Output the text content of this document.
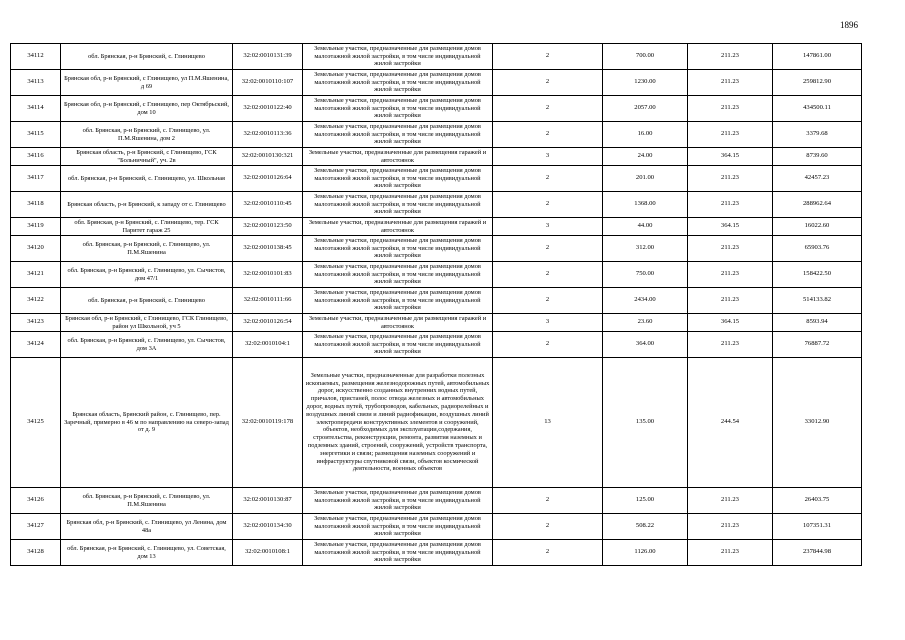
1896
34112	обл. Брянская, р-н Брянский, с. Глинищево	32:02:0010131:39	Земельные участки, предназначенные для размещения домов малоэтажной жилой застройки, в том числе индивидуальной жилой застройки	2	700.00	211.23	147861.00
34113	Брянская обл, р-н Брянский, с Глинищево, ул П.М.Яшенина, д 69	32:02:0010110:107	Земельные участки, предназначенные для размещения домов малоэтажной жилой застройки, в том числе индивидуальной жилой застройки	2	1230.00	211.23	259812.90
34114	Брянская обл, р-н Брянский, с Глинищево, пер Октябрьский, дом 10	32:02:0010122:40	Земельные участки, предназначенные для размещения домов малоэтажной жилой застройки, в том числе индивидуальной жилой застройки	2	2057.00	211.23	434500.11
34115	обл. Брянская, р-н Брянский, с. Глинищево, ул. П.М.Яшенина, дом 2	32:02:0010113:36	Земельные участки, предназначенные для размещения домов малоэтажной жилой застройки, в том числе индивидуальной жилой застройки	2	16.00	211.23	3379.68
34116	Брянская область, р-н Брянский, с Глинищево, ГСК "Больничный", уч. 2в	32:02:0010130:321	Земельные участки, предназначенные для размещения гаражей и автостоянок	3	24.00	364.15	8739.60
34117	обл. Брянская, р-н Брянский, с. Глинищево, ул. Школьная	32:02:0010126:64	Земельные участки, предназначенные для размещения домов малоэтажной жилой застройки, в том числе индивидуальной жилой застройки	2	201.00	211.23	42457.23
34118	Брянская область, р-н Брянский, к западу от с. Глинищево	32:02:0010110:45	Земельные участки, предназначенные для размещения домов малоэтажной жилой застройки, в том числе индивидуальной жилой застройки	2	1368.00	211.23	288962.64
34119	обл. Брянская, р-н Брянский, с. Глинищево, тер. ГСК Паритет гараж 25	32:02:0010123:50	Земельные участки, предназначенные для размещения гаражей и автостоянок	3	44.00	364.15	16022.60
34120	обл. Брянская, р-н Брянский, с. Глинищево, ул. П.М.Яшенина	32:02:0010138:45	Земельные участки, предназначенные для размещения домов малоэтажной жилой застройки, в том числе индивидуальной жилой застройки	2	312.00	211.23	65903.76
34121	обл. Брянская, р-н Брянский, с. Глинищево, ул. Сычистов, дом 47/1	32:02:0010101:83	Земельные участки, предназначенные для размещения домов малоэтажной жилой застройки, в том числе индивидуальной жилой застройки	2	750.00	211.23	158422.50
34122	обл. Брянская, р-н Брянский, с. Глинищево	32:02:0010111:66	Земельные участки, предназначенные для размещения домов малоэтажной жилой застройки, в том числе индивидуальной жилой застройки	2	2434.00	211.23	514133.82
34123	Брянская обл, р-н Брянский, с Глинищево, ГСК Глинищево, район ул Школьной, уч 5	32:02:0010126:54	Земельные участки, предназначенные для размещения гаражей и автостоянок	3	23.60	364.15	8593.94
34124	обл. Брянская, р-н Брянский, с. Глинищево, ул. Сычистов, дом 3А	32:02:0010104:1	Земельные участки, предназначенные для размещения домов малоэтажной жилой застройки, в том числе индивидуальной жилой застройки	2	364.00	211.23	76887.72
34125	Брянская область, Брянский район, с. Глинищево, пер. Заречный, примерно в 46 м по направлению на северо-запад от д. 9	32:02:0010119:178	Земельные участки, предназначенные для разработки полезных ископаемых, размещения железнодорожных путей, автомобильных дорог, искусственно созданных внутренних водных путей, причалов, пристаней, полос отвода железных и автомобильных дорог, водных путей, трубопроводов, кабельных, радиорелейных и воздушных линий связи и линий радиофикации, воздушных линий электропередачи конструктивных элементов и сооружений, объектов, необходимых для эксплуатации,содержания, строительства, реконструкции, ремонта, развития наземных и подземных зданий, строений, сооружений, устройств транспорта, энергетики и связи; размещения наземных сооружений и инфраструктуры спутниковой связи, объектов космической деятельности, военных объектов	13	135.00	244.54	33012.90
34126	обл. Брянская, р-н Брянский, с. Глинищево, ул. П.М.Яшенина	32:02:0010130:87	Земельные участки, предназначенные для размещения домов малоэтажной жилой застройки, в том числе индивидуальной жилой застройки	2	125.00	211.23	26403.75
34127	Брянская обл, р-н Брянский, с. Глинищево, ул Ленина, дом 48а	32:02:0010134:30	Земельные участки, предназначенные для размещения домов малоэтажной жилой застройки, в том числе индивидуальной жилой застройки	2	508.22	211.23	107351.31
34128	обл. Брянская, р-н Брянский, с. Глинищево, ул. Советская, дом 13	32:02:0010108:1	Земельные участки, предназначенные для размещения домов малоэтажной жилой застройки, в том числе индивидуальной жилой застройки	2	1126.00	211.23	237844.98
